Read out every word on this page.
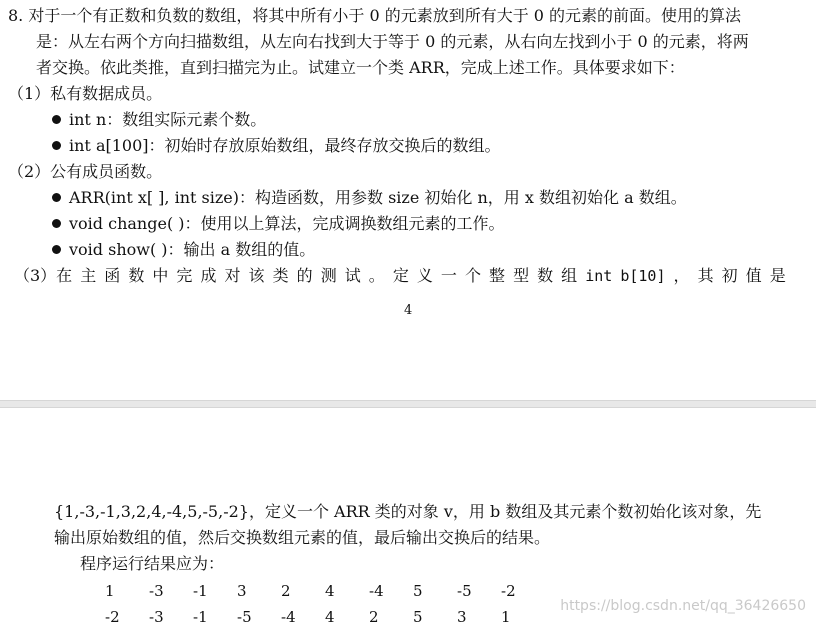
8. 对于一个有正数和负数的数组，将其中所有小于 0 的元素放到所有大于 0 的元素的前面。使用的算法
是：从左右两个方向扫描数组，从左向右找到大于等于 0 的元素，从右向左找到小于 0 的元素，将两
者交换。依此类推，直到扫描完为止。试建立一个类 ARR，完成上述工作。具体要求如下：
（1）私有数据成员。
int n：数组实际元素个数。
int a[100]：初始时存放原始数组，最终存放交换后的数组。
（2）公有成员函数。
ARR(int x[ ], int size)：构造函数，用参数 size 初始化 n，用 x 数组初始化 a 数组。
void change( )：使用以上算法，完成调换数组元素的工作。
void show( )：输出 a 数组的值。
（3）在 主 函 数 中 完 成 对 该 类 的 测 试 。 定 义 一 个 整 型 数 组 int b[10] ， 其 初 值 是
4
{1,-3,-1,3,2,4,-4,5,-5,-2}，定义一个 ARR 类的对象 v，用 b 数组及其元素个数初始化该对象，先
输出原始数组的值，然后交换数组元素的值，最后输出交换后的结果。
程序运行结果应为：
1	-3	-1	3	2	4	-4	5	-5	-2
-2	-3	-1	-5	-4	4	2	5	3	1
https://blog.csdn.net/qq_36426650
